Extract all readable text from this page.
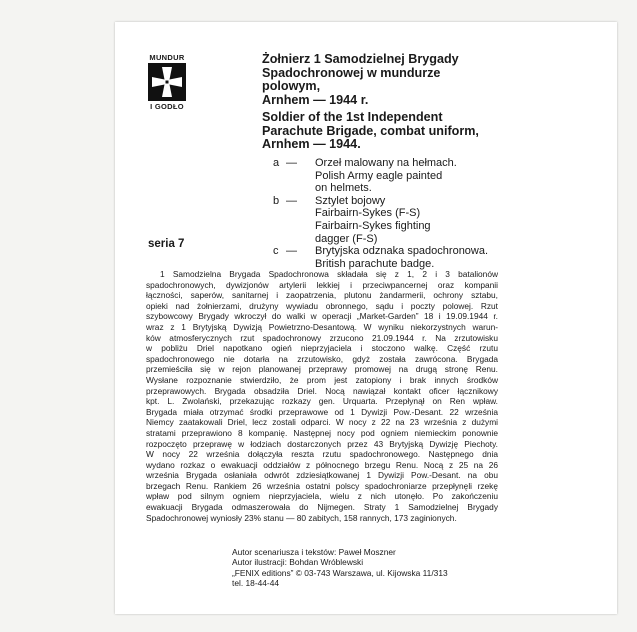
MUNDUR
I GODŁO
Żołnierz 1 Samodzielnej Brygady
Spadochronowej w mundurze
polowym,
Arnhem — 1944 r.
Soldier of the 1st Independent
Parachute Brigade, combat uniform,
Arnhem — 1944.
a —	Orzeł malowany na hełmach.
Polish Army eagle painted
on helmets.
b —	Sztylet bojowy
Fairbairn-Sykes (F-S)
Fairbairn-Sykes fighting
dagger (F-S)
c —	Brytyjska odznaka spadochronowa.
British parachute badge.
seria 7
1 Samodzielna Brygada Spadochronowa składała się z 1, 2 i 3 batalionów
spadochronowych, dywizjonów artylerii lekkiej i przeciwpancernej oraz kompanii
łączności, saperów, sanitarnej i zaopatrzenia, plutonu żandarmerii, ochrony sztabu,
opieki nad żołnierzami, drużyny wywiadu obronnego, sądu i poczty polowej. Rzut
szybowcowy Brygady wkroczył do walki w operacji „Market-Garden” 18 i 19.09.1944 r.
wraz z 1 Brytyjską Dywizją Powietrzno-Desantową. W wyniku niekorzystnych warun-
ków atmosferycznych rzut spadochronowy zrzucono 21.09.1944 r. Na zrzutowisku
w pobliżu Driel napotkano ogień nieprzyjaciela i stoczono walkę. Część rzutu
spadochronowego nie dotarła na zrzutowisko, gdyż została zawrócona. Brygada
przemieściła się w rejon planowanej przeprawy promowej na drugą stronę Renu.
Wysłane rozpoznanie stwierdziło, że prom jest zatopiony i brak innych środków
przeprawowych. Brygada obsadziła Driel. Nocą nawiązał kontakt oficer łącznikowy
kpt. L. Zwolański, przekazując rozkazy gen. Urquarta. Przepłynął on Ren wpław.
Brygada miała otrzymać środki przeprawowe od 1 Dywizji Pow.-Desant. 22 września
Niemcy zaatakowali Driel, lecz zostali odparci. W nocy z 22 na 23 września z dużymi
stratami przeprawiono 8 kompanię. Następnej nocy pod ogniem niemieckim ponownie
rozpoczęto przeprawę w łodziach dostarczonych przez 43 Brytyjską Dywizję Piechoty.
W nocy 22 września dołączyła reszta rzutu spadochronowego. Następnego dnia
wydano rozkaz o ewakuacji oddziałów z północnego brzegu Renu. Nocą z 25 na 26
września Brygada osłaniała odwrót zdziesiątkowanej 1 Dywizji Pow.-Desant. na obu
brzegach Renu. Rankiem 26 września ostatni polscy spadochroniarze przepłynęli rzekę
wpław pod silnym ogniem nieprzyjaciela, wielu z nich utonęło. Po zakończeniu
ewakuacji Brygada odmaszerowała do Nijmegen. Straty 1 Samodzielnej Brygady
Spadochronowej wyniosły 23% stanu — 80 zabitych, 158 rannych, 173 zaginionych.
Autor scenariusza i tekstów: Paweł Moszner
Autor ilustracji: Bohdan Wróblewski
„FENIX editions” © 03-743 Warszawa, ul. Kijowska 11/313
tel. 18-44-44
